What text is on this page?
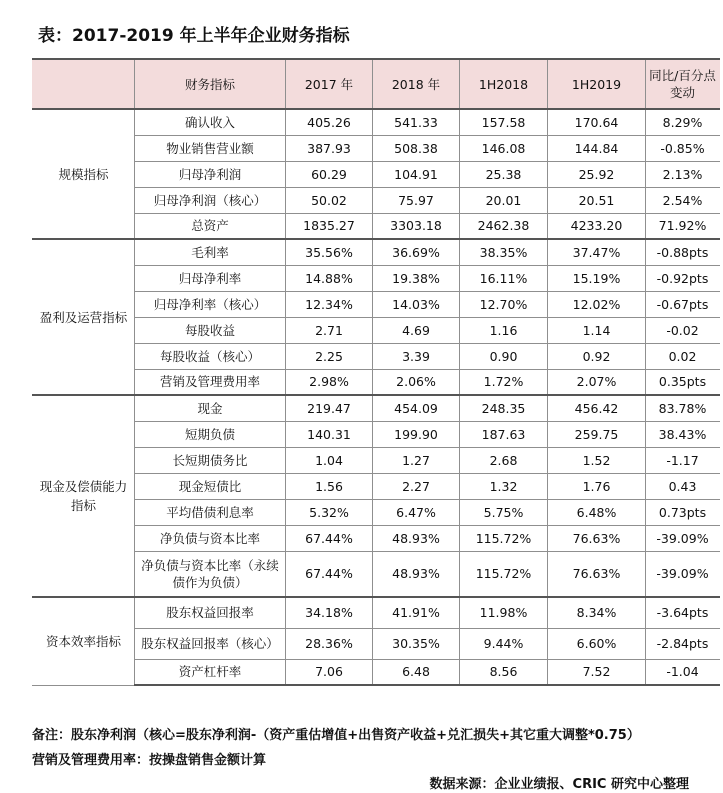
表：2017-2019 年上半年企业财务指标
	财务指标	2017 年	2018 年	1H2018	1H2019	同比/百分点变动
规模指标	确认收入	405.26	541.33	157.58	170.64	8.29%
	物业销售营业额	387.93	508.38	146.08	144.84	-0.85%
	归母净利润	60.29	104.91	25.38	25.92	2.13%
	归母净利润（核心）	50.02	75.97	20.01	20.51	2.54%
	总资产	1835.27	3303.18	2462.38	4233.20	71.92%
盈利及运营指标	毛利率	35.56%	36.69%	38.35%	37.47%	-0.88pts
	归母净利率	14.88%	19.38%	16.11%	15.19%	-0.92pts
	归母净利率（核心）	12.34%	14.03%	12.70%	12.02%	-0.67pts
	每股收益	2.71	4.69	1.16	1.14	-0.02
	每股收益（核心）	2.25	3.39	0.90	0.92	0.02
	营销及管理费用率	2.98%	2.06%	1.72%	2.07%	0.35pts
现金及偿债能力指标	现金	219.47	454.09	248.35	456.42	83.78%
	短期负债	140.31	199.90	187.63	259.75	38.43%
	长短期债务比	1.04	1.27	2.68	1.52	-1.17
	现金短债比	1.56	2.27	1.32	1.76	0.43
	平均借债利息率	5.32%	6.47%	5.75%	6.48%	0.73pts
	净负债与资本比率	67.44%	48.93%	115.72%	76.63%	-39.09%
	净负债与资本比率（永续债作为负债）	67.44%	48.93%	115.72%	76.63%	-39.09%
资本效率指标	股东权益回报率	34.18%	41.91%	11.98%	8.34%	-3.64pts
	股东权益回报率（核心）	28.36%	30.35%	9.44%	6.60%	-2.84pts
	资产杠杆率	7.06	6.48	8.56	7.52	-1.04
备注：股东净利润（核心=股东净利润-（资产重估增值+出售资产收益+兑汇损失+其它重大调整*0.75）
营销及管理费用率：按操盘销售金额计算
数据来源：企业业绩报、CRIC 研究中心整理
